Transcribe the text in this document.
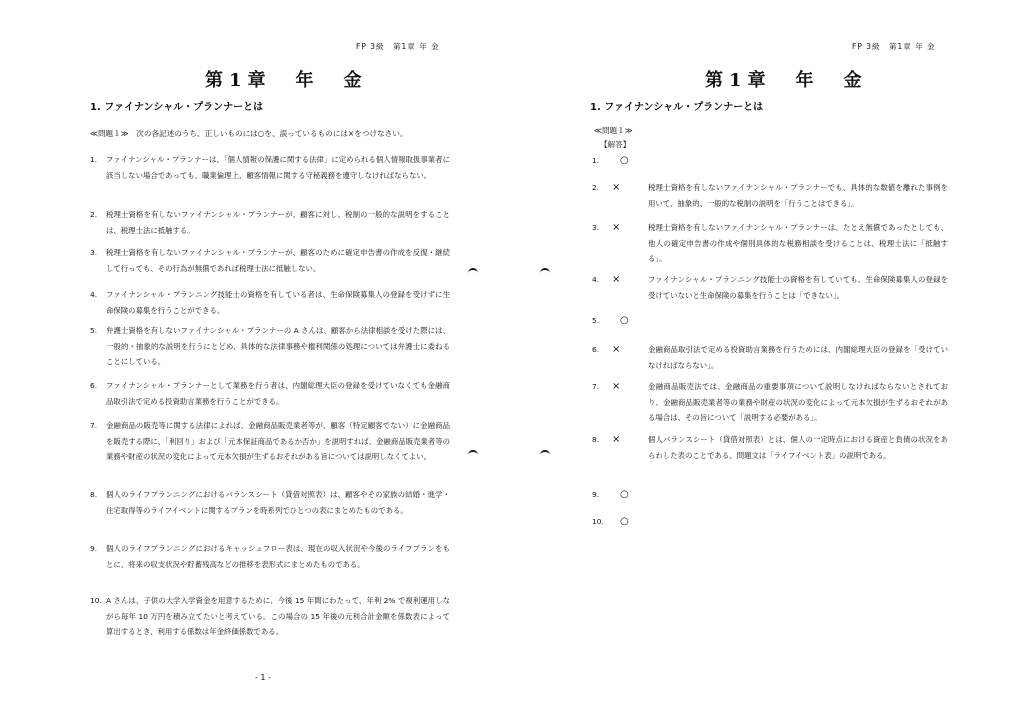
FP 3級　第1章 年 金
第1章　年　金
1. ファイナンシャル・プランナーとは
≪問題１≫　次の各記述のうち、正しいものには○を、誤っているものには×をつけなさい。
1. ファイナンシャル・プランナーは、「個人情報の保護に関する法律」に定められる個人情報取扱事業者に該当しない場合であっても、職業倫理上、顧客情報に関する守秘義務を遵守しなければならない。
2. 税理士資格を有しないファイナンシャル・プランナーが、顧客に対し、税制の一般的な説明をすることは、税理士法に抵触する。
3. 税理士資格を有しないファイナンシャル・プランナーが、顧客のために確定申告書の作成を反復・継続して行っても、その行為が無償であれば税理士法に抵触しない。
4. ファイナンシャル・プランニング技能士の資格を有している者は、生命保険募集人の登録を受けずに生命保険の募集を行うことができる。
5. 弁護士資格を有しないファイナンシャル・プランナーの A さんは、顧客から法律相談を受けた際には、一般的・抽象的な説明を行うにとどめ、具体的な法律事務や権利関係の処理については弁護士に委ねることにしている。
6. ファイナンシャル・プランナーとして業務を行う者は、内閣総理大臣の登録を受けていなくても金融商品取引法で定める投資助言業務を行うことができる。
7. 金融商品の販売等に関する法律によれば、金融商品販売業者等が、顧客（特定顧客でない）に金融商品を販売する際に、「利回り」および「元本保証商品であるか否か」を説明すれば、金融商品販売業者等の業務や財産の状況の変化によって元本欠損が生ずるおそれがある旨については説明しなくてよい。
8. 個人のライフプランニングにおけるバランスシート（貸借対照表）は、顧客やその家族の結婚・進学・住宅取得等のライフイベントに関するプランを時系列でひとつの表にまとめたものである。
9. 個人のライフプランニングにおけるキャッシュフロー表は、現在の収入状況や今後のライフプランをもとに、将来の収支状況や貯蓄残高などの推移を表形式にまとめたものである。
10. A さんは、子供の大学入学資金を用意するために、今後 15 年間にわたって、年利 2% で複利運用しながら毎年 10 万円を積み立てたいと考えている。この場合の 15 年後の元利合計金額を係数表によって算出するとき、利用する係数は年金終価係数である。
- 1 -
FP 3級　第1章 年 金
第1章　年　金
1. ファイナンシャル・プランナーとは
≪問題１≫
【解答】
1.	○
2.	×	税理士資格を有しないファイナンシャル・プランナーでも、具体的な数値を離れた事例を用いて、抽象的、一般的な税制の説明を「行うことはできる」。
3.	×	税理士資格を有しないファイナンシャル・プランナーは、たとえ無償であったとしても、他人の確定申告書の作成や個別具体的な税務相談を受けることは、税理士法に「抵触する」。
4.	×	ファイナンシャル・プランニング技能士の資格を有していても、生命保険募集人の登録を受けていないと生命保険の募集を行うことは「できない」。
5.	○
6.	×	金融商品取引法で定める投資助言業務を行うためには、内閣総理大臣の登録を「受けていなければならない」。
7.	×	金融商品販売法では、金融商品の重要事項について説明しなければならないとされており、金融商品販売業者等の業務や財産の状況の変化によって元本欠損が生ずるおそれがある場合は、その旨について「説明する必要がある」。
8.	×	個人バランスシート（貸借対照表）とは、個人の一定時点における資産と負債の状況をあらわした表のことである。問題文は「ライフイベント表」の説明である。
9.	○
10.	○
